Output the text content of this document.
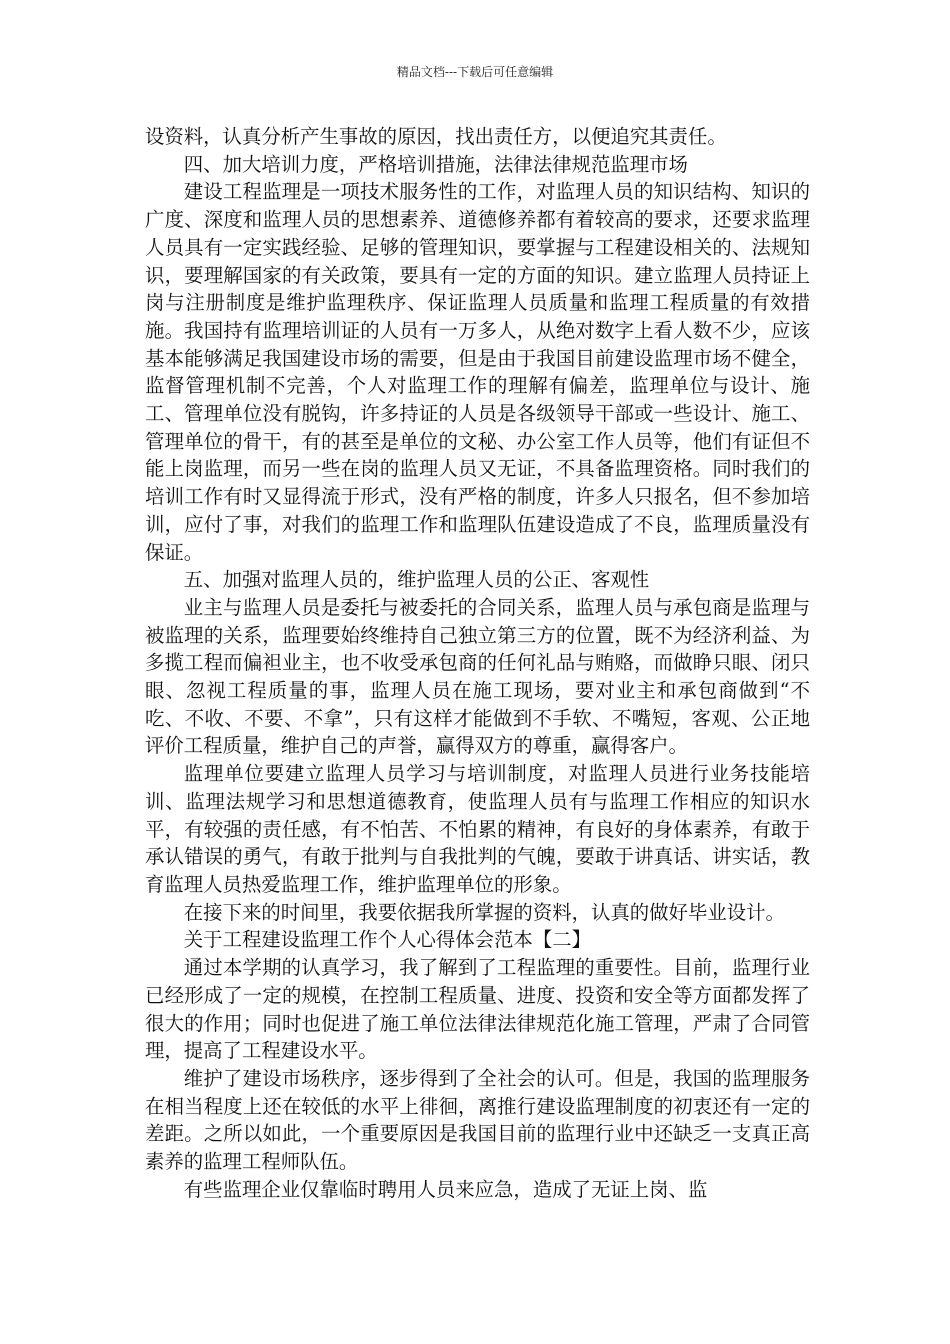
精品文档---下载后可任意编辑

设资料，认真分析产生事故的原因，找出责任方，以便追究其责任。

四、加大培训力度，严格培训措施，法律法律规范监理市场

建设工程监理是一项技术服务性的工作，对监理人员的知识结构、知识的广度、深度和监理人员的思想素养、道德修养都有着较高的要求，还要求监理人员具有一定实践经验、足够的管理知识，要掌握与工程建设相关的、法规知识，要理解国家的有关政策，要具有一定的方面的知识。建立监理人员持证上岗与注册制度是维护监理秩序、保证监理人员质量和监理工程质量的有效措施。我国持有监理培训证的人员有一万多人，从绝对数字上看人数不少，应该基本能够满足我国建设市场的需要，但是由于我国目前建设监理市场不健全，监督管理机制不完善，个人对监理工作的理解有偏差，监理单位与设计、施工、管理单位没有脱钩，许多持证的人员是各级领导干部或一些设计、施工、管理单位的骨干，有的甚至是单位的文秘、办公室工作人员等，他们有证但不能上岗监理，而另一些在岗的监理人员又无证，不具备监理资格。同时我们的培训工作有时又显得流于形式，没有严格的制度，许多人只报名，但不参加培训，应付了事，对我们的监理工作和监理队伍建设造成了不良，监理质量没有保证。

五、加强对监理人员的，维护监理人员的公正、客观性

业主与监理人员是委托与被委托的合同关系，监理人员与承包商是监理与被监理的关系，监理要始终维持自己独立第三方的位置，既不为经济利益、为多揽工程而偏袒业主，也不收受承包商的任何礼品与贿赂，而做睁只眼、闭只眼、忽视工程质量的事，监理人员在施工现场，要对业主和承包商做到“不吃、不收、不要、不拿”，只有这样才能做到不手软、不嘴短，客观、公正地评价工程质量，维护自己的声誉，赢得双方的尊重，赢得客户。

监理单位要建立监理人员学习与培训制度，对监理人员进行业务技能培训、监理法规学习和思想道德教育，使监理人员有与监理工作相应的知识水平，有较强的责任感，有不怕苦、不怕累的精神，有良好的身体素养，有敢于承认错误的勇气，有敢于批判与自我批判的气魄，要敢于讲真话、讲实话，教育监理人员热爱监理工作，维护监理单位的形象。

在接下来的时间里，我要依据我所掌握的资料，认真的做好毕业设计。

关于工程建设监理工作个人心得体会范本【二】

通过本学期的认真学习，我了解到了工程监理的重要性。目前，监理行业已经形成了一定的规模，在控制工程质量、进度、投资和安全等方面都发挥了很大的作用；同时也促进了施工单位法律法律规范化施工管理，严肃了合同管理，提高了工程建设水平。

维护了建设市场秩序，逐步得到了全社会的认可。但是，我国的监理服务在相当程度上还在较低的水平上徘徊，离推行建设监理制度的初衷还有一定的差距。之所以如此，一个重要原因是我国目前的监理行业中还缺乏一支真正高素养的监理工程师队伍。

有些监理企业仅靠临时聘用人员来应急，造成了无证上岗、监
